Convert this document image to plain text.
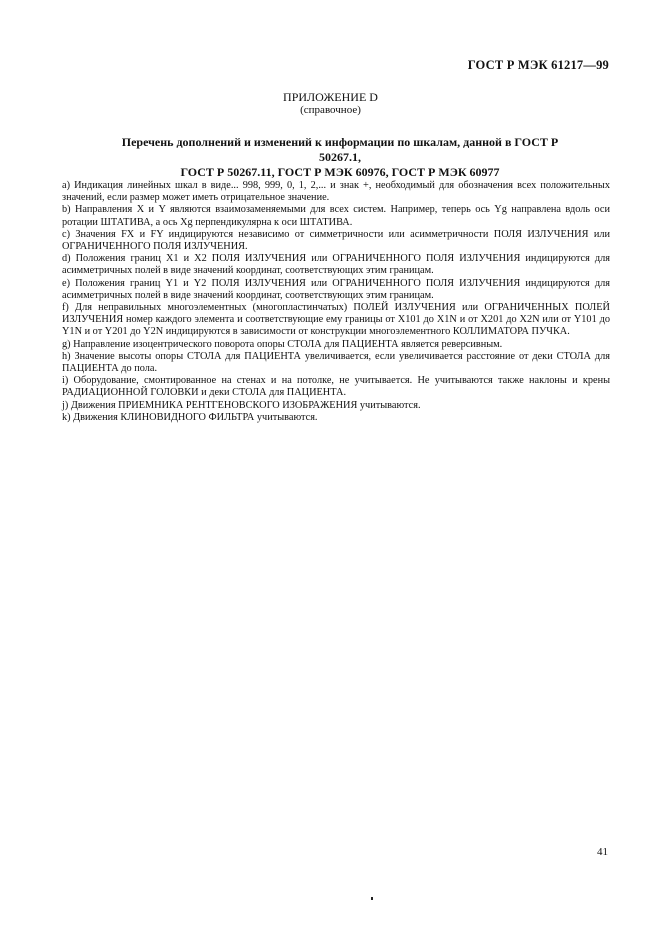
ГОСТ Р МЭК 61217—99
ПРИЛОЖЕНИЕ D
(справочное)
Перечень дополнений и изменений к информации по шкалам, данной в ГОСТ Р 50267.1,
ГОСТ Р 50267.11, ГОСТ Р МЭК 60976, ГОСТ Р МЭК 60977

a) Индикация линейных шкал в виде... 998, 999, 0, 1, 2,... и знак +, необходимый для обозначения всех положительных значений, если размер может иметь отрицательное значение.

b) Направления X и Y являются взаимозаменяемыми для всех систем. Например, теперь ось Yg направлена вдоль оси ротации ШТАТИВА, а ось Xg перпендикулярна к оси ШТАТИВА.

c) Значения FX и FY индицируются независимо от симметричности или асимметричности ПОЛЯ ИЗЛУЧЕНИЯ или ОГРАНИЧЕННОГО ПОЛЯ ИЗЛУЧЕНИЯ.

d) Положения границ X1 и X2 ПОЛЯ ИЗЛУЧЕНИЯ или ОГРАНИЧЕННОГО ПОЛЯ ИЗЛУЧЕНИЯ индицируются для асимметричных полей в виде значений координат, соответствующих этим границам.

e) Положения границ Y1 и Y2 ПОЛЯ ИЗЛУЧЕНИЯ или ОГРАНИЧЕННОГО ПОЛЯ ИЗЛУЧЕНИЯ индицируются для асимметричных полей в виде значений координат, соответствующих этим границам.

f) Для неправильных многоэлементных (многопластинчатых) ПОЛЕЙ ИЗЛУЧЕНИЯ или ОГРАНИЧЕННЫХ ПОЛЕЙ ИЗЛУЧЕНИЯ номер каждого элемента и соответствующие ему границы от X101 до X1N и от X201 до X2N или от Y101 до Y1N и от Y201 до Y2N индицируются в зависимости от конструкции многоэлементного КОЛЛИМАТОРА ПУЧКА.

g) Направление изоцентрического поворота опоры СТОЛА для ПАЦИЕНТА является реверсивным.

h) Значение высоты опоры СТОЛА для ПАЦИЕНТА увеличивается, если увеличивается расстояние от деки СТОЛА для ПАЦИЕНТА до пола.

i) Оборудование, смонтированное на стенах и на потолке, не учитывается. Не учитываются также наклоны и крены РАДИАЦИОННОЙ ГОЛОВКИ и деки СТОЛА для ПАЦИЕНТА.

j) Движения ПРИЕМНИКА РЕНТГЕНОВСКОГО ИЗОБРАЖЕНИЯ учитываются.

k) Движения КЛИНОВИДНОГО ФИЛЬТРА учитываются.

41
